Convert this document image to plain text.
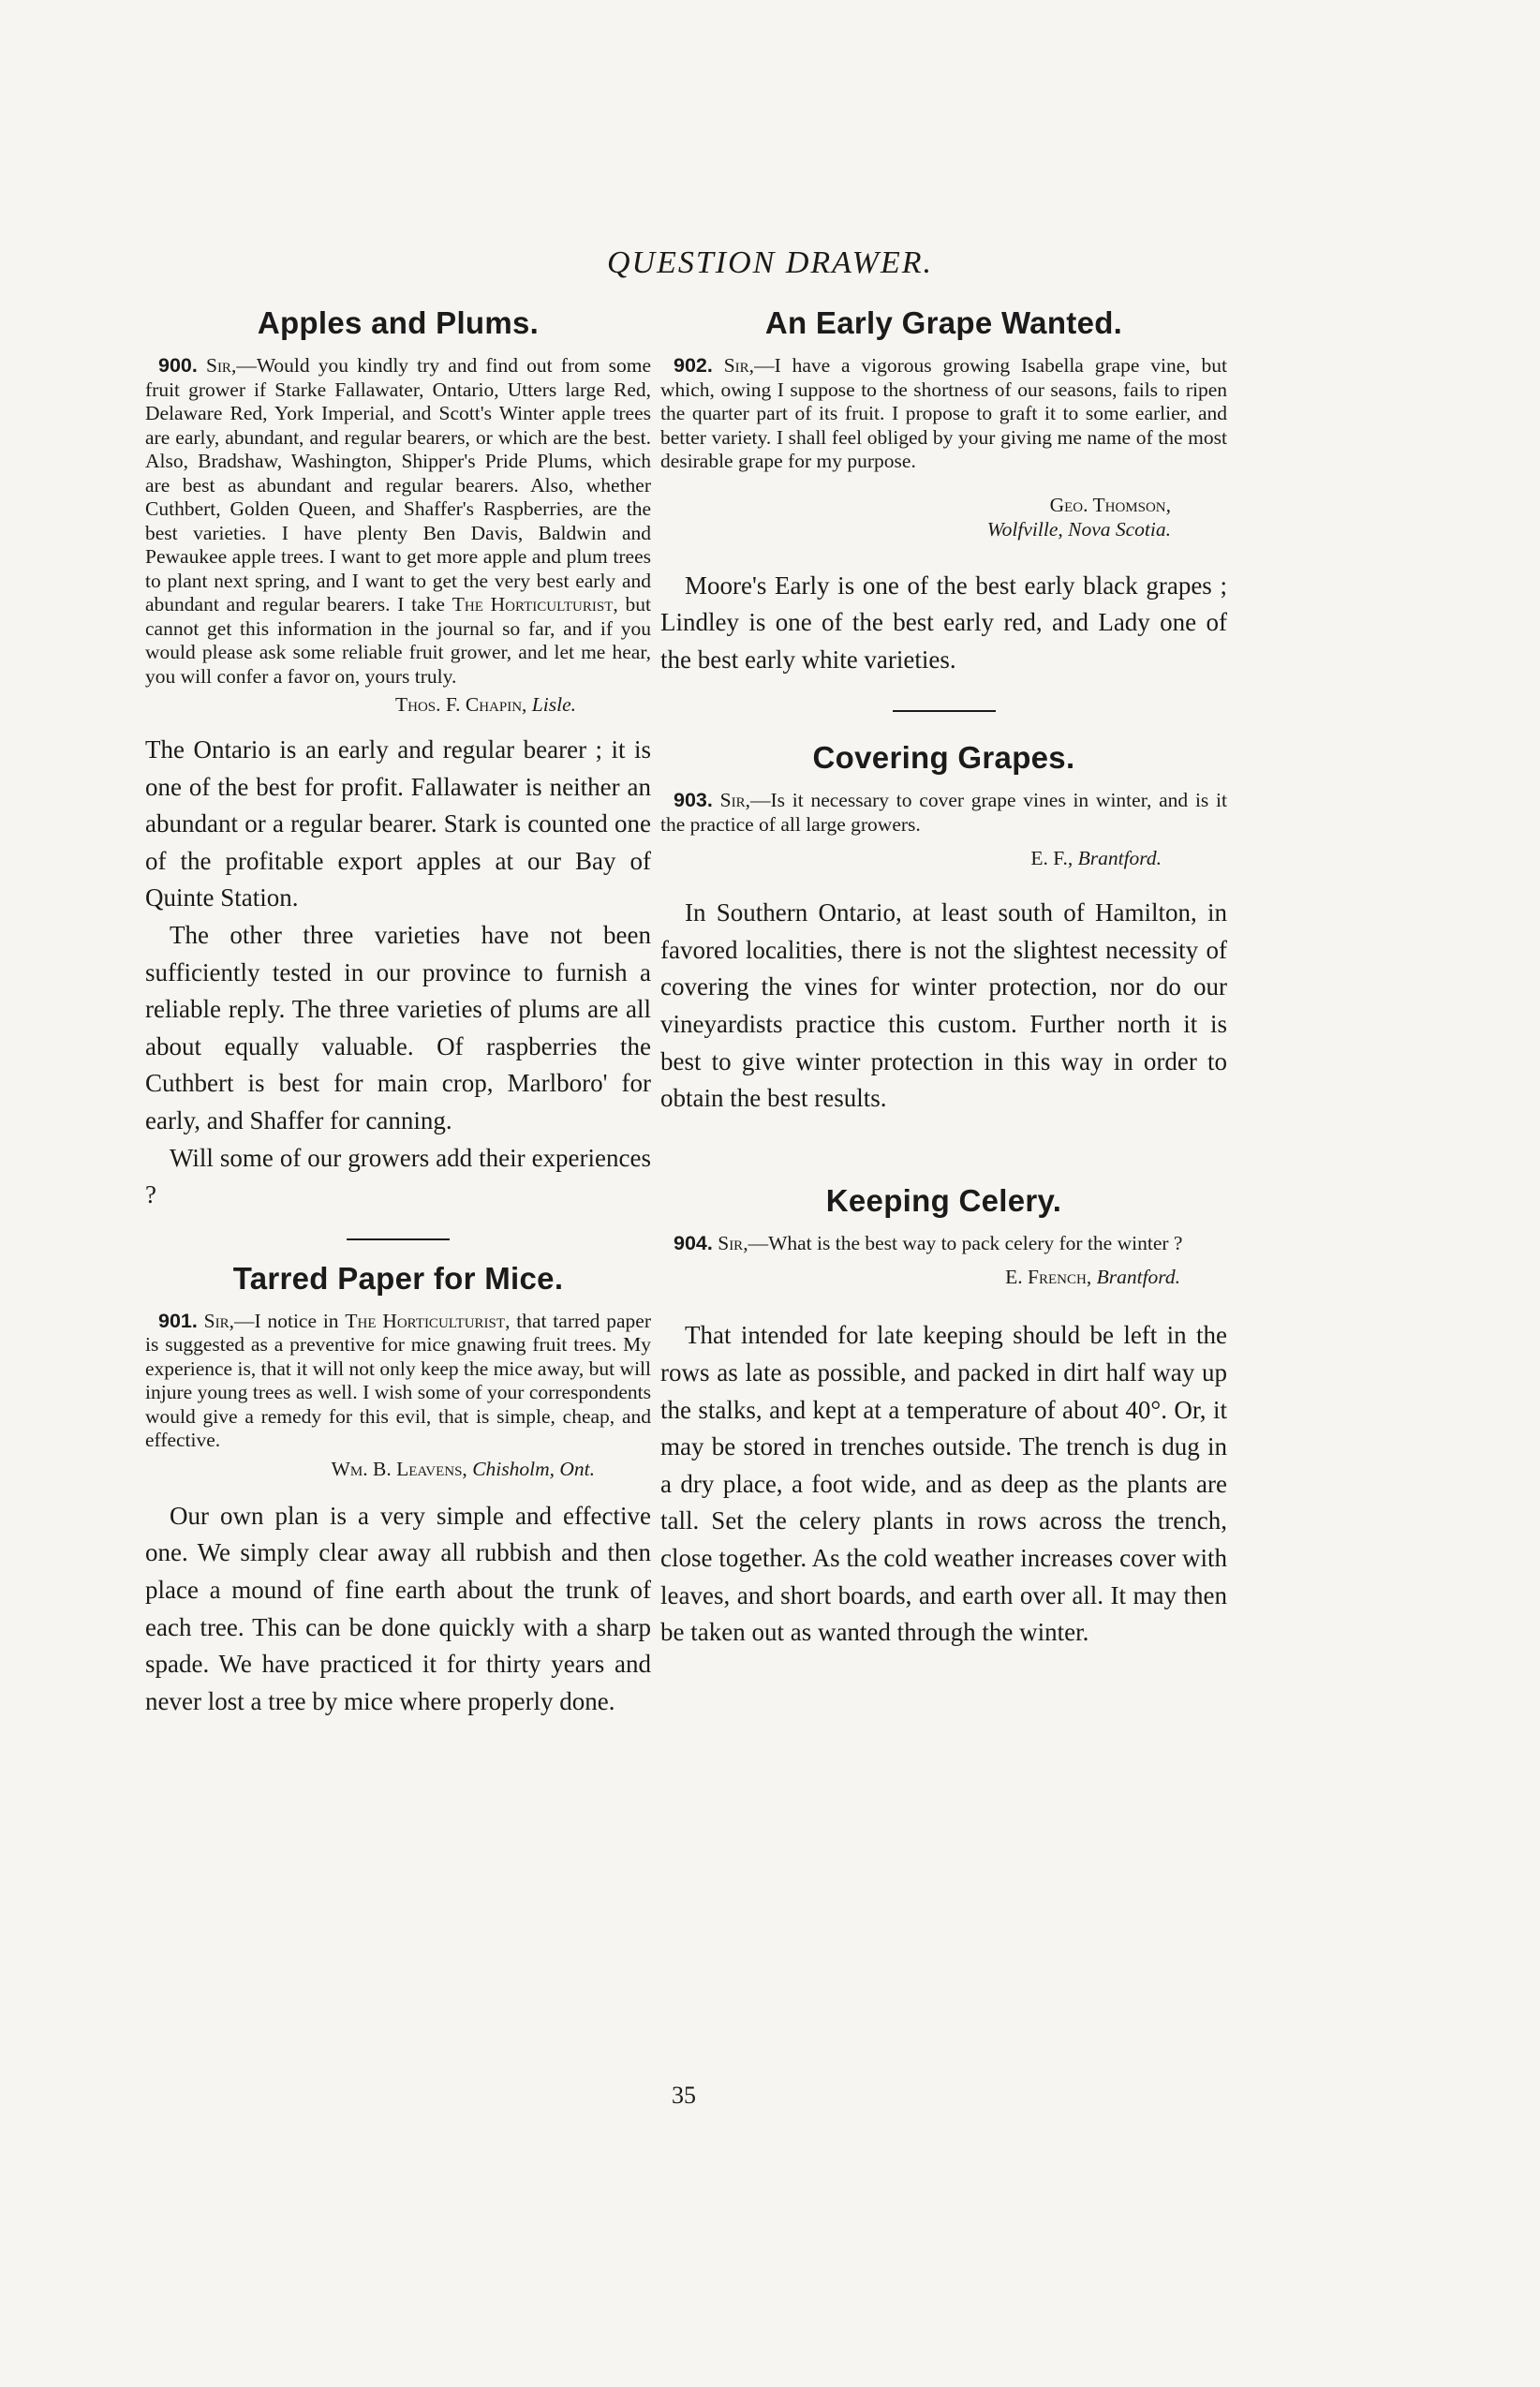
QUESTION DRAWER.
Apples and Plums.

900. Sir,—Would you kindly try and find out from some fruit grower if Starke Fallawater, Ontario, Utters large Red, Delaware Red, York Imperial, and Scott's Winter apple trees are early, abundant, and regular bearers, or which are the best. Also, Bradshaw, Washington, Shipper's Pride Plums, which are best as abundant and regular bearers. Also, whether Cuthbert, Golden Queen, and Shaffer's Raspberries, are the best varieties. I have plenty Ben Davis, Baldwin and Pewaukee apple trees. I want to get more apple and plum trees to plant next spring, and I want to get the very best early and abundant and regular bearers. I take The Horticulturist, but cannot get this information in the journal so far, and if you would please ask some reliable fruit grower, and let me hear, you will confer a favor on, yours truly.

Thos. F. Chapin, Lisle.

The Ontario is an early and regular bearer ; it is one of the best for profit. Fallawater is neither an abundant or a regular bearer. Stark is counted one of the profitable export apples at our Bay of Quinte Station.

The other three varieties have not been sufficiently tested in our province to furnish a reliable reply. The three varieties of plums are all about equally valuable. Of raspberries the Cuthbert is best for main crop, Marlboro' for early, and Shaffer for canning.

Will some of our growers add their experiences ?

Tarred Paper for Mice.

901. Sir,—I notice in The Horticulturist, that tarred paper is suggested as a preventive for mice gnawing fruit trees. My experience is, that it will not only keep the mice away, but will injure young trees as well. I wish some of your correspondents would give a remedy for this evil, that is simple, cheap, and effective.

Wm. B. Leavens, Chisholm, Ont.

Our own plan is a very simple and effective one. We simply clear away all rubbish and then place a mound of fine earth about the trunk of each tree. This can be done quickly with a sharp spade. We have practiced it for thirty years and never lost a tree by mice where properly done.

An Early Grape Wanted.

902. Sir,—I have a vigorous growing Isabella grape vine, but which, owing I suppose to the shortness of our seasons, fails to ripen the quarter part of its fruit. I propose to graft it to some earlier, and better variety. I shall feel obliged by your giving me name of the most desirable grape for my purpose.

Geo. Thomson,
Wolfville, Nova Scotia.

Moore's Early is one of the best early black grapes ; Lindley is one of the best early red, and Lady one of the best early white varieties.

Covering Grapes.

903. Sir,—Is it necessary to cover grape vines in winter, and is it the practice of all large growers.

E. F., Brantford.

In Southern Ontario, at least south of Hamilton, in favored localities, there is not the slightest necessity of covering the vines for winter protection, nor do our vineyardists practice this custom. Further north it is best to give winter protection in this way in order to obtain the best results.

Keeping Celery.

904. Sir,—What is the best way to pack celery for the winter ?

E. French, Brantford.

That intended for late keeping should be left in the rows as late as possible, and packed in dirt half way up the stalks, and kept at a temperature of about 40°. Or, it may be stored in trenches outside. The trench is dug in a dry place, a foot wide, and as deep as the plants are tall. Set the celery plants in rows across the trench, close together. As the cold weather increases cover with leaves, and short boards, and earth over all. It may then be taken out as wanted through the winter.

35
